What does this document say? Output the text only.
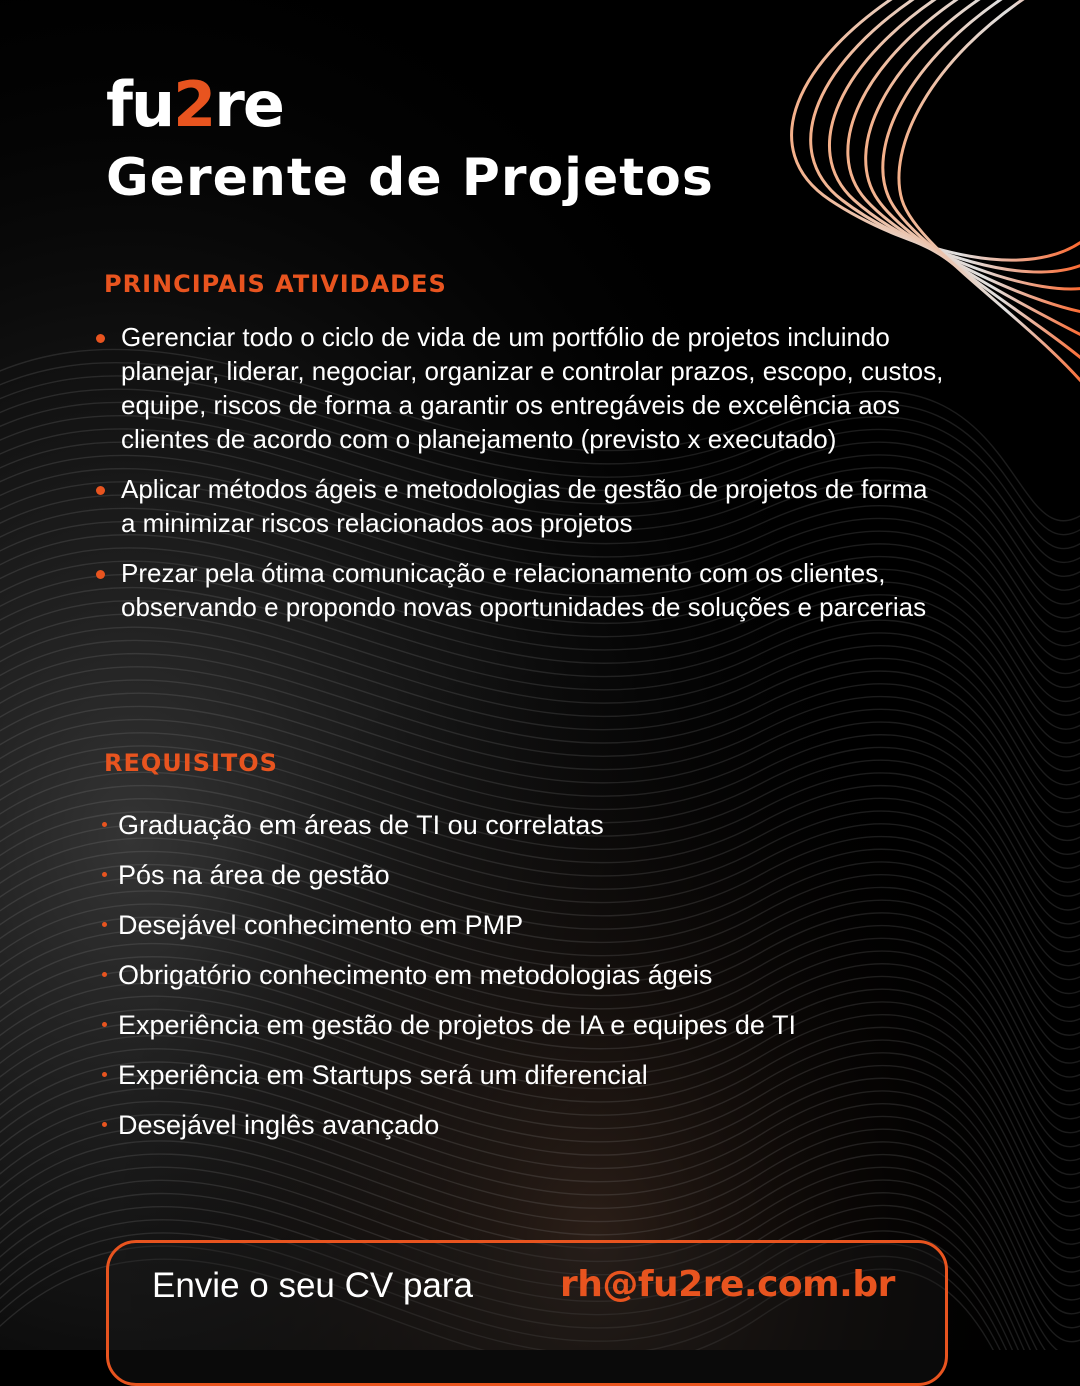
fu2re
Gerente de Projetos
PRINCIPAIS ATIVIDADES
Gerenciar todo o ciclo de vida de um portfólio de projetos incluindo planejar, liderar, negociar, organizar e controlar prazos, escopo, custos, equipe, riscos de forma a garantir os entregáveis de excelência aos clientes de acordo com o planejamento (previsto x executado)
Aplicar métodos ágeis e metodologias de gestão de projetos de forma a minimizar riscos relacionados aos projetos
Prezar pela ótima comunicação e relacionamento com os clientes, observando e propondo novas oportunidades de soluções e parcerias
REQUISITOS
Graduação em áreas de TI ou correlatas
Pós na área de gestão
Desejável conhecimento em PMP
Obrigatório conhecimento em metodologias ágeis
Experiência em gestão de projetos de IA e equipes de TI
Experiência em Startups será um diferencial
Desejável inglês avançado
Envie o seu CV para rh@fu2re.com.br
